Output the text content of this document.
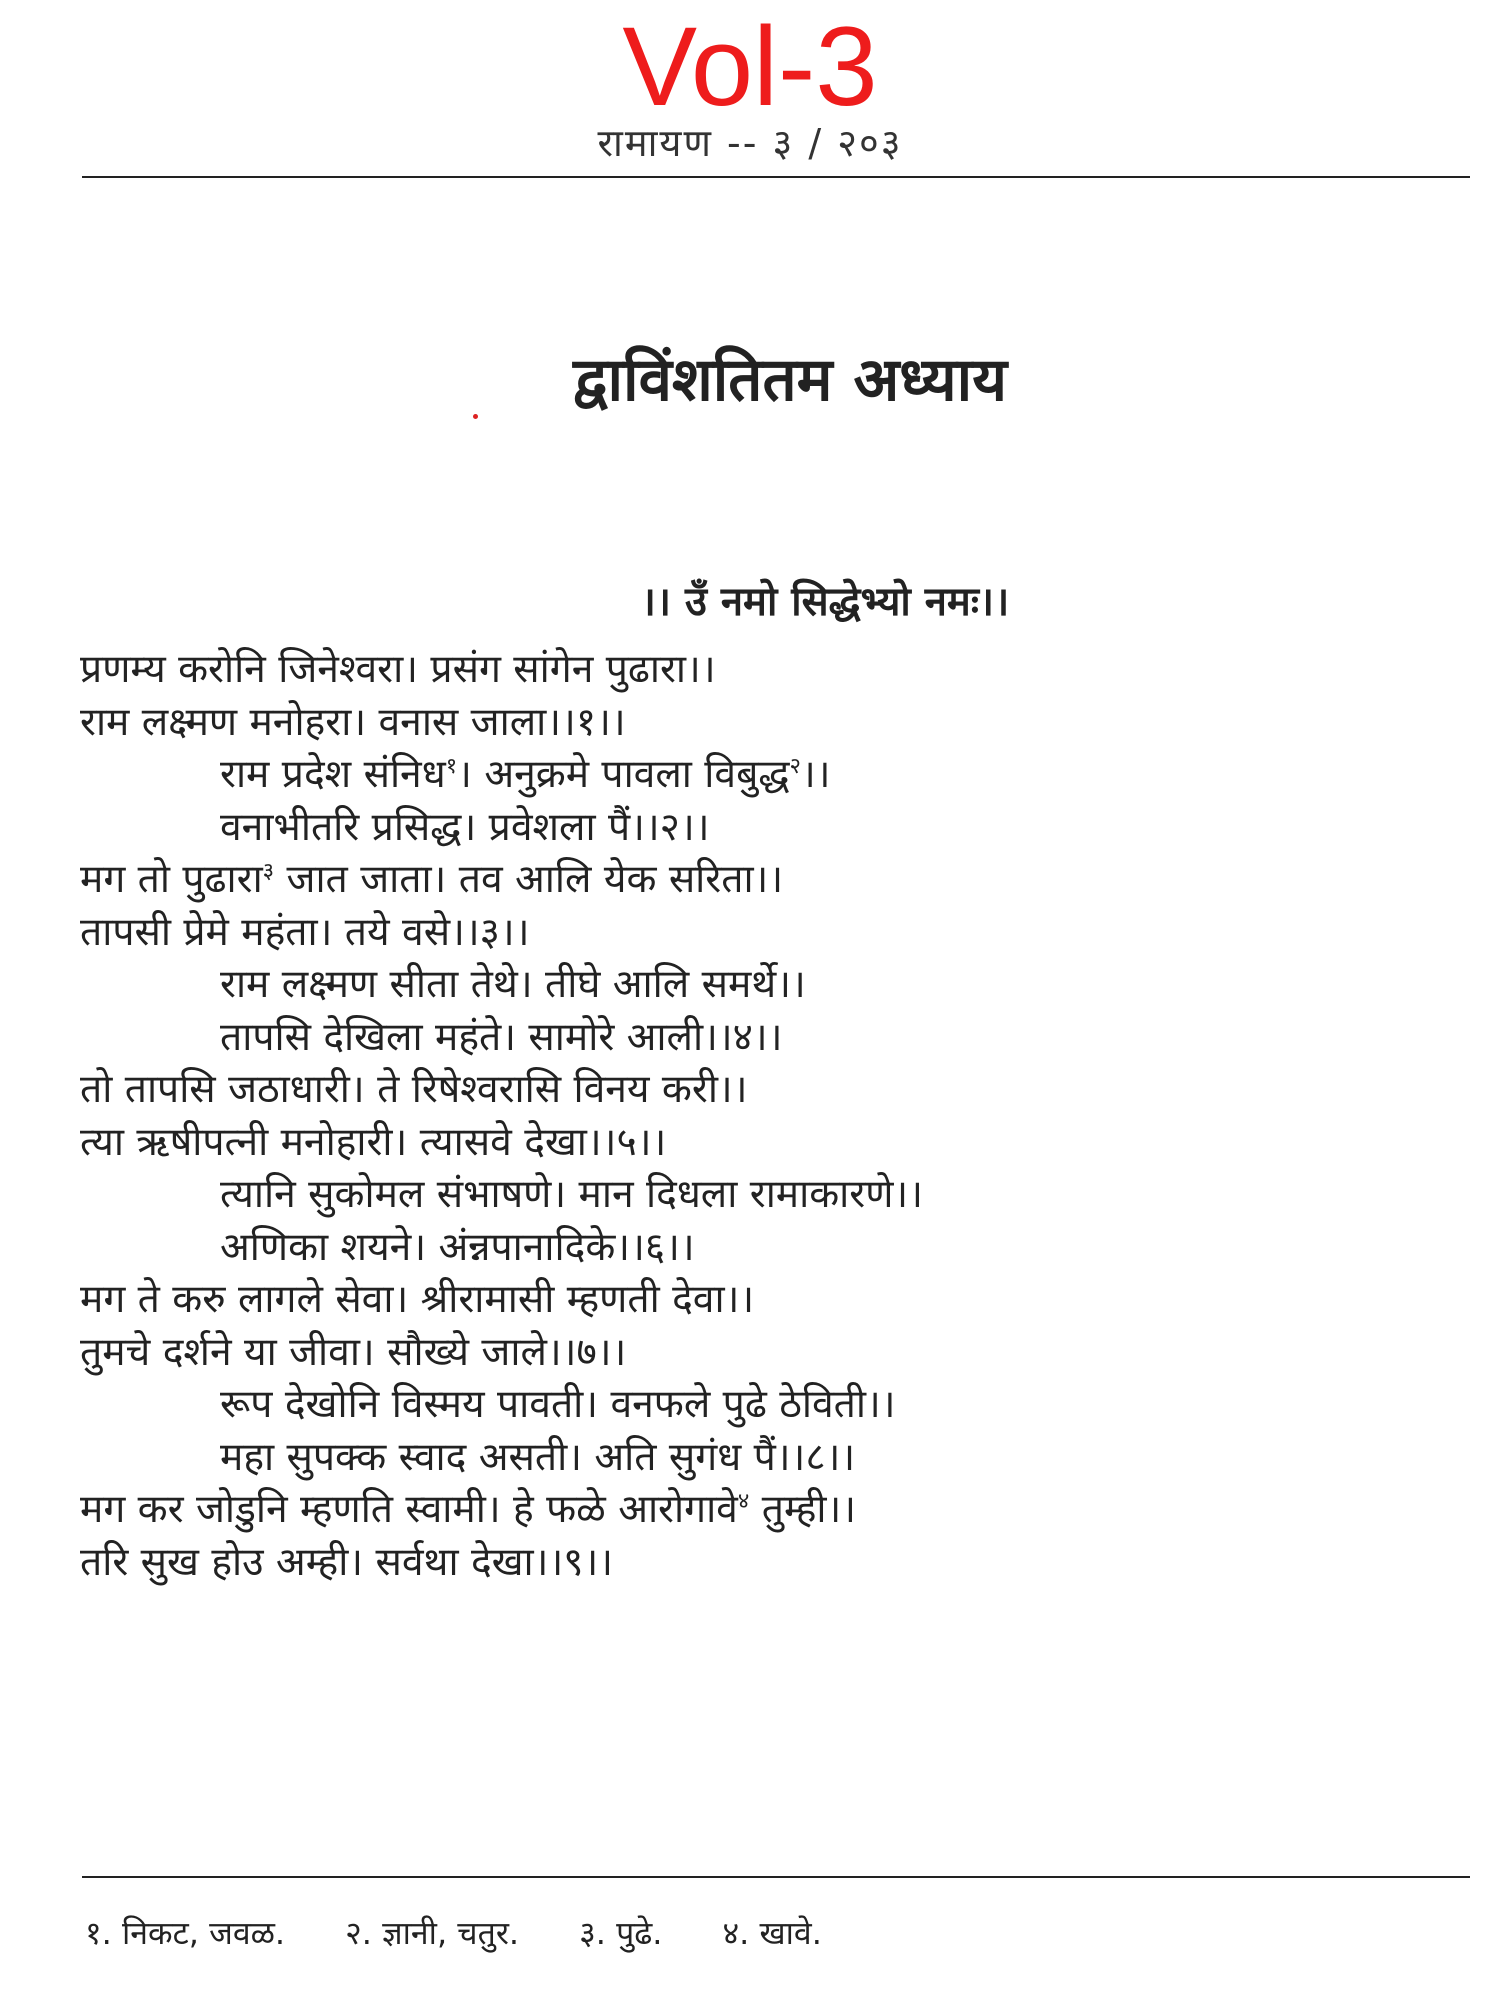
Vol-3
रामायण -- ३ / २०३
द्वाविंशतितम अध्याय
।। उँ नमो सिद्धेभ्यो नमः।।
प्रणम्य करोनि जिनेश्वरा। प्रसंग सांगेन पुढारा।।
राम लक्ष्मण मनोहरा। वनास जाला।।१।।
राम प्रदेश संनिध$^१$। अनुक्रमे पावला विबुद्ध$^२$।।
वनाभीतरि प्रसिद्ध। प्रवेशला पैं।।२।।
मग तो पुढारा$^३$ जात जाता। तव आलि येक सरिता।।
तापसी प्रेमे महंता। तये वसे।।३।।
राम लक्ष्मण सीता तेथे। तीघे आलि समर्थे।।
तापसि देखिला महंते। सामोरे आली।।४।।
तो तापसि जठाधारी। ते रिषेश्वरासि विनय करी।।
त्या ऋषीपत्नी मनोहारी। त्यासवे देखा।।५।।
त्यानि सुकोमल संभाषणे। मान दिधला रामाकारणे।।
अणिका शयने। अंन्नपानादिके।।६।।
मग ते करु लागले सेवा। श्रीरामासी म्हणती देवा।।
तुमचे दर्शने या जीवा। सौख्ये जाले।।७।।
रूप देखोनि विस्मय पावती। वनफले पुढे ठेविती।।
महा सुपक्क स्वाद असती। अति सुगंध पैं।।८।।
मग कर जोडुनि म्हणति स्वामी। हे फळे आरोगावे$^४$ तुम्ही।।
तरि सुख होउ अम्ही। सर्वथा देखा।।९।।
१. निकट, जवळ. २. ज्ञानी, चतुर. ३. पुढे. ४. खावे.
